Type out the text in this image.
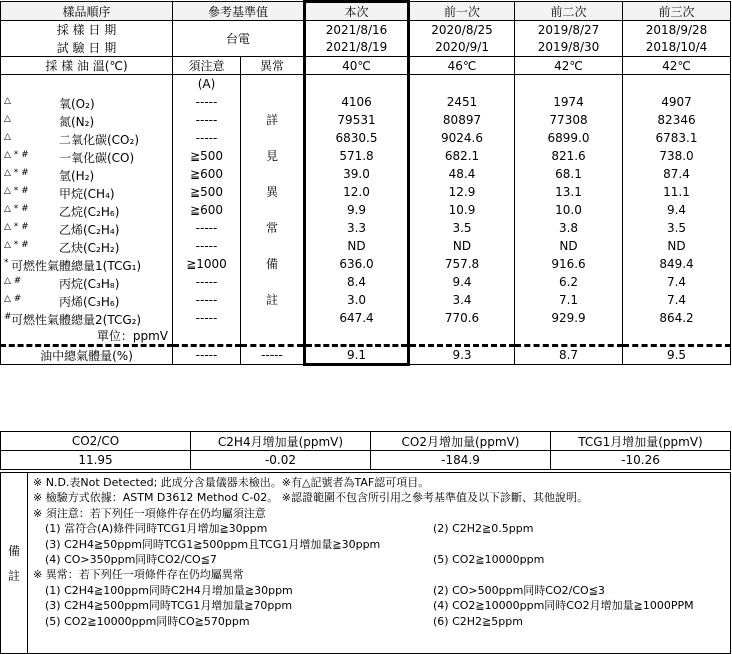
樣品順序	參考基準值		本次	前一次	前二次	前三次
採 樣 日 期	台電		2021/8/16	2020/8/25	2019/8/27	2018/9/28
試 驗 日 期			2021/8/19	2020/9/1	2019/8/30	2018/10/4
採 樣 油 溫(℃)	須注意	異常	40℃	46℃	42℃	42℃
	(A)					

△ 氧(O₂)	-----		4106	2451	1974	4907

△ 氮(N₂)	-----	詳	79531	80897	77308	82346

△ 二氧化碳(CO₂)	-----		6830.5	9024.6	6899.0	6783.1

△ * # 一氧化碳(CO)	≧500	見	571.8	682.1	821.6	738.0

△ * # 氫(H₂)	≧600		39.0	48.4	68.1	87.4

△ * # 甲烷(CH₄)	≧500	異	12.0	12.9	13.1	11.1

△ * # 乙烷(C₂H₆)	≧600		9.9	10.9	10.0	9.4

△ * # 乙烯(C₂H₄)	-----	常	3.3	3.5	3.8	3.5

△ * # 乙炔(C₂H₂)	-----		ND	ND	ND	ND

* 可燃性氣體總量1(TCG₁)	≧1000	備	636.0	757.8	916.6	849.4

△ # 丙烷(C₃H₈)	-----		8.4	9.4	6.2	7.4

△ # 丙烯(C₃H₆)	-----	註	3.0	3.4	7.1	7.4

# 可燃性氣體總量2(TCG₂)	-----		647.4	770.6	929.9	864.2
單位：ppmV						
油中總氣體量(%)	-----	-----	9.1	9.3	8.7	9.5
CO2/CO	C2H4月增加量(ppmV)	CO2月增加量(ppmV)	TCG1月增加量(ppmV)
11.95	-0.02	-184.9	-10.26
備
註
※ N.D.表Not Detected; 此成分含量儀器未檢出。※有△記號者為TAF認可項目。
※ 檢驗方式依據：ASTM D3612 Method C-02。 ※認證範圍不包含所引用之參考基準值及以下診斷、其他說明。
※ 須注意：若下列任一項條件存在仍均屬須注意
(1) 當符合(A)條件同時TCG1月增加≧30ppm	(2) C2H2≧0.5ppm
(3) C2H4≧50ppm同時TCG1≧500ppm且TCG1月增加量≧30ppm
(4) CO>350ppm同時CO2/CO≦7	(5) CO2≧10000ppm
※ 異常：若下列任一項條件存在仍均屬異常
(1) C2H4≧100ppm同時C2H4月增加量≧30ppm	(2) CO>500ppm同時CO2/CO≦3
(3) C2H4≧500ppm同時TCG1月增加量≧70ppm	(4) CO2≧10000ppm同時CO2月增加量≧1000PPM
(5) CO2≧10000ppm同時CO≧570ppm	(6) C2H2≧5ppm
